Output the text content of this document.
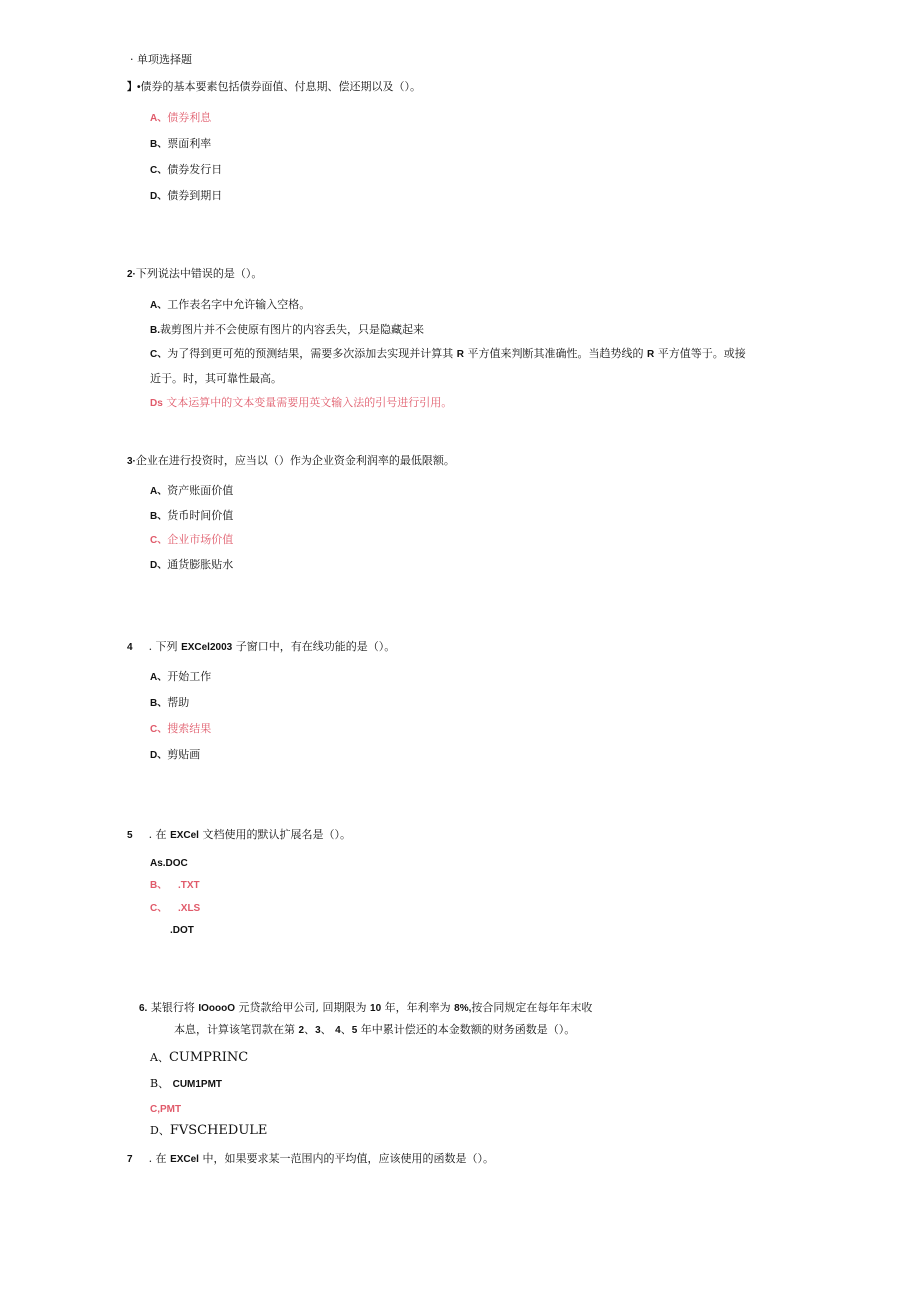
· 单项选择题
】•债券的基本要素包括债券面值、付息期、偿还期以及（）。
A、债券利息
B、票面利率
C、债券发行日
D、债券到期日
2·下列说法中错误的是（）。
A、工作表名字中允许输入空格。
B.裁剪图片并不会使原有图片的内容丢失，只是隐藏起来
C、为了得到更可苑的预测结果，需要多次添加去实现并计算其 R 平方值来判断其准确性。当趋势线的 R 平方值等于。或接
近于。时，其可靠性最高。
Ds 文本运算中的文本变量需要用英文输入法的引号进行引用。
3·企业在进行投资时，应当以（）作为企业资金利润率的最低限额。
A、资产账面价值
B、货币时间价值
C、企业市场价值
D、通货膨胀贴水
4 . 下列 EXCel2003 子窗口中，有在线功能的是（）。
A、开始工作
B、帮助
C、搜索结果
D、剪贴画
5 . 在 EXCel 文档使用的默认扩展名是（）。
As.DOC
B、 .TXT
C、 .XLS
.DOT
6. 某银行将 IOoooO 元贷款给甲公司, 回期限为 10 年，年利率为 8%,按合同规定在每年年末收
本息，计算该笔罚款在第 2、3、 4、5 年中累计偿还的本金数额的财务函数是（）。
A、CUMPRINC
B、 CUM1PMT
C,PMT
D、FVSCHEDULE
7 . 在 EXCel 中，如果要求某一范围内的平均值，应该使用的函数是（）。
